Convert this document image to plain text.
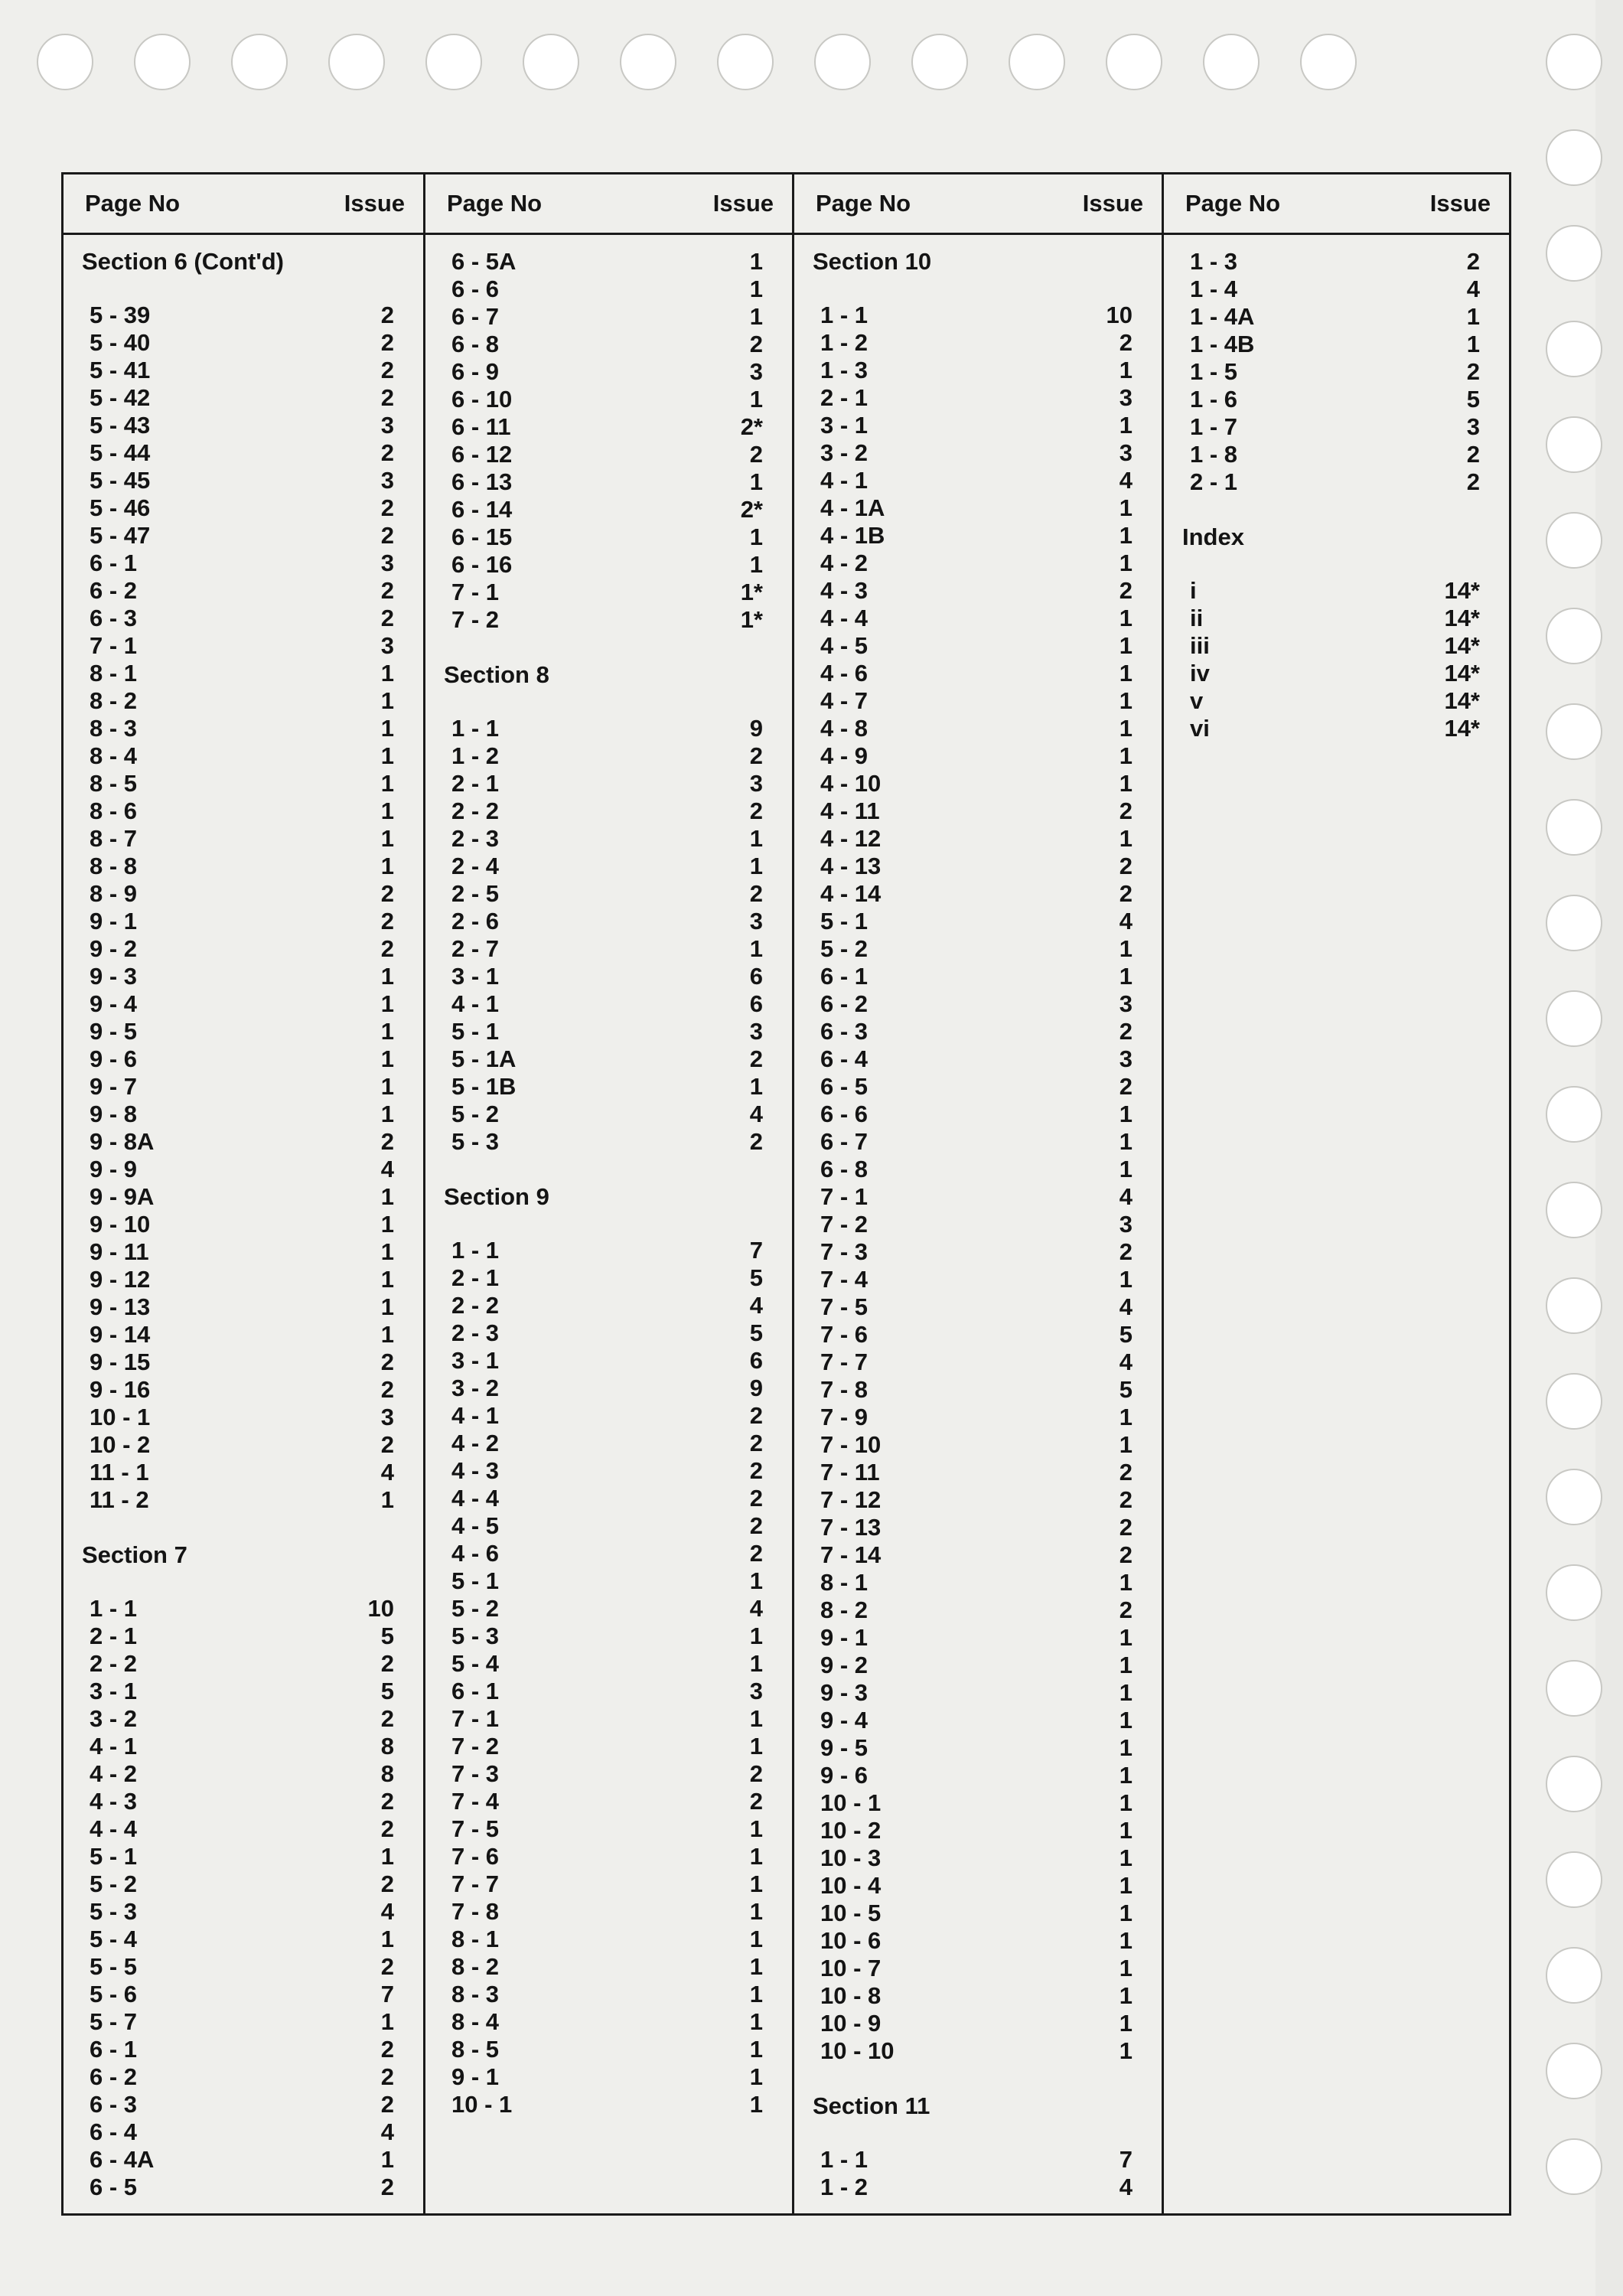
Page No	Issue
Section 6 (Cont'd)
5 - 39	2
5 - 40	2
5 - 41	2
5 - 42	2
5 - 43	3
5 - 44	2
5 - 45	3
5 - 46	2
5 - 47	2
6 - 1	3
6 - 2	2
6 - 3	2
7 - 1	3
8 - 1	1
8 - 2	1
8 - 3	1
8 - 4	1
8 - 5	1
8 - 6	1
8 - 7	1
8 - 8	1
8 - 9	2
9 - 1	2
9 - 2	2
9 - 3	1
9 - 4	1
9 - 5	1
9 - 6	1
9 - 7	1
9 - 8	1
9 - 8A	2
9 - 9	4
9 - 9A	1
9 - 10	1
9 - 11	1
9 - 12	1
9 - 13	1
9 - 14	1
9 - 15	2
9 - 16	2
10 - 1	3
10 - 2	2
11 - 1	4
11 - 2	1
Section 7
1 - 1	10
2 - 1	5
2 - 2	2
3 - 1	5
3 - 2	2
4 - 1	8
4 - 2	8
4 - 3	2
4 - 4	2
5 - 1	1
5 - 2	2
5 - 3	4
5 - 4	1
5 - 5	2
5 - 6	7
5 - 7	1
6 - 1	2
6 - 2	2
6 - 3	2
6 - 4	4
6 - 4A	1
6 - 5	2
Page No	Issue
6 - 5A	1
6 - 6	1
6 - 7	1
6 - 8	2
6 - 9	3
6 - 10	1
6 - 11	2*
6 - 12	2
6 - 13	1
6 - 14	2*
6 - 15	1
6 - 16	1
7 - 1	1*
7 - 2	1*
Section 8
1 - 1	9
1 - 2	2
2 - 1	3
2 - 2	2
2 - 3	1
2 - 4	1
2 - 5	2
2 - 6	3
2 - 7	1
3 - 1	6
4 - 1	6
5 - 1	3
5 - 1A	2
5 - 1B	1
5 - 2	4
5 - 3	2
Section 9
1 - 1	7
2 - 1	5
2 - 2	4
2 - 3	5
3 - 1	6
3 - 2	9
4 - 1	2
4 - 2	2
4 - 3	2
4 - 4	2
4 - 5	2
4 - 6	2
5 - 1	1
5 - 2	4
5 - 3	1
5 - 4	1
6 - 1	3
7 - 1	1
7 - 2	1
7 - 3	2
7 - 4	2
7 - 5	1
7 - 6	1
7 - 7	1
7 - 8	1
8 - 1	1
8 - 2	1
8 - 3	1
8 - 4	1
8 - 5	1
9 - 1	1
10 - 1	1
Page No	Issue
Section 10
1 - 1	10
1 - 2	2
1 - 3	1
2 - 1	3
3 - 1	1
3 - 2	3
4 - 1	4
4 - 1A	1
4 - 1B	1
4 - 2	1
4 - 3	2
4 - 4	1
4 - 5	1
4 - 6	1
4 - 7	1
4 - 8	1
4 - 9	1
4 - 10	1
4 - 11	2
4 - 12	1
4 - 13	2
4 - 14	2
5 - 1	4
5 - 2	1
6 - 1	1
6 - 2	3
6 - 3	2
6 - 4	3
6 - 5	2
6 - 6	1
6 - 7	1
6 - 8	1
7 - 1	4
7 - 2	3
7 - 3	2
7 - 4	1
7 - 5	4
7 - 6	5
7 - 7	4
7 - 8	5
7 - 9	1
7 - 10	1
7 - 11	2
7 - 12	2
7 - 13	2
7 - 14	2
8 - 1	1
8 - 2	2
9 - 1	1
9 - 2	1
9 - 3	1
9 - 4	1
9 - 5	1
9 - 6	1
10 - 1	1
10 - 2	1
10 - 3	1
10 - 4	1
10 - 5	1
10 - 6	1
10 - 7	1
10 - 8	1
10 - 9	1
10 - 10	1
Section 11
1 - 1	7
1 - 2	4
Page No	Issue
1 - 3	2
1 - 4	4
1 - 4A	1
1 - 4B	1
1 - 5	2
1 - 6	5
1 - 7	3
1 - 8	2
2 - 1	2
Index
i	14*
ii	14*
iii	14*
iv	14*
v	14*
vi	14*
